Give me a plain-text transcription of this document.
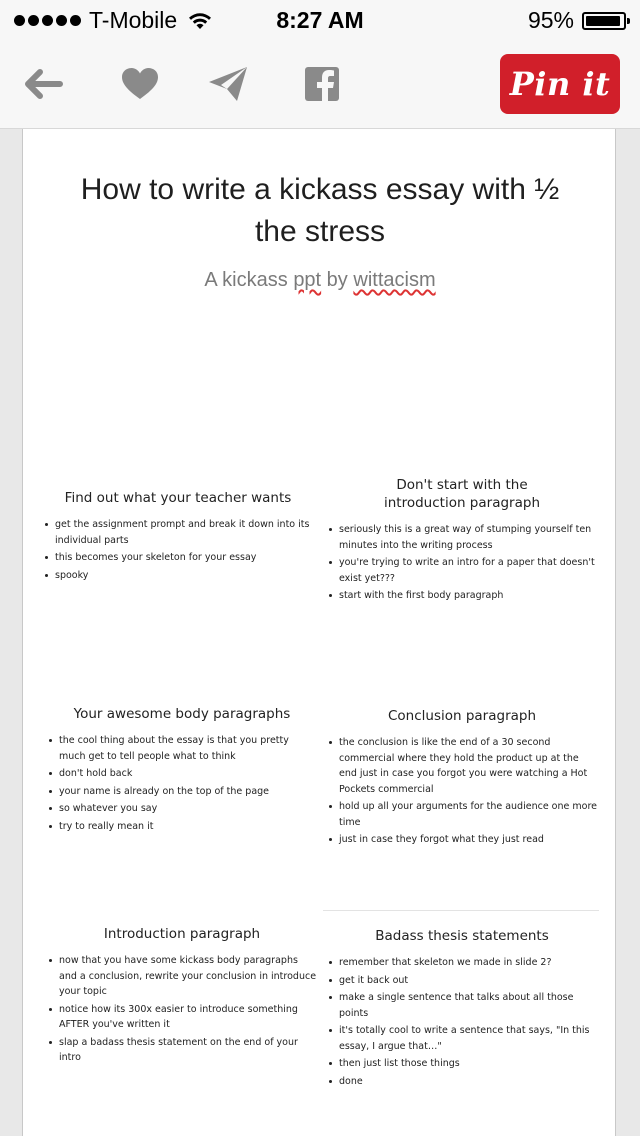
T-Mobile	8:27 AM	95%
Pin it
How to write a kickass essay with ½ the stress
A kickass ppt by wittacism
Find out what your teacher wants
get the assignment prompt and break it down into its individual parts
this becomes your skeleton for your essay
spooky
Don't start with the introduction paragraph
seriously this is a great way of stumping yourself ten minutes into the writing process
you're trying to write an intro for a paper that doesn't exist yet???
start with the first body paragraph
Your awesome body paragraphs
the cool thing about the essay is that you pretty much get to tell people what to think
don't hold back
your name is already on the top of the page
so whatever you say
try to really mean it
Conclusion paragraph
the conclusion is like the end of a 30 second commercial where they hold the product up at the end just in case you forgot you were watching a Hot Pockets commercial
hold up all your arguments for the audience one more time
just in case they forgot what they just read
Introduction paragraph
now that you have some kickass body paragraphs and a conclusion, rewrite your conclusion in introduce your topic
notice how its 300x easier to introduce something AFTER you've written it
slap a badass thesis statement on the end of your intro
Badass thesis statements
remember that skeleton we made in slide 2?
get it back out
make a single sentence that talks about all those points
it's totally cool to write a sentence that says, "In this essay, I argue that…"
then just list those things
done
